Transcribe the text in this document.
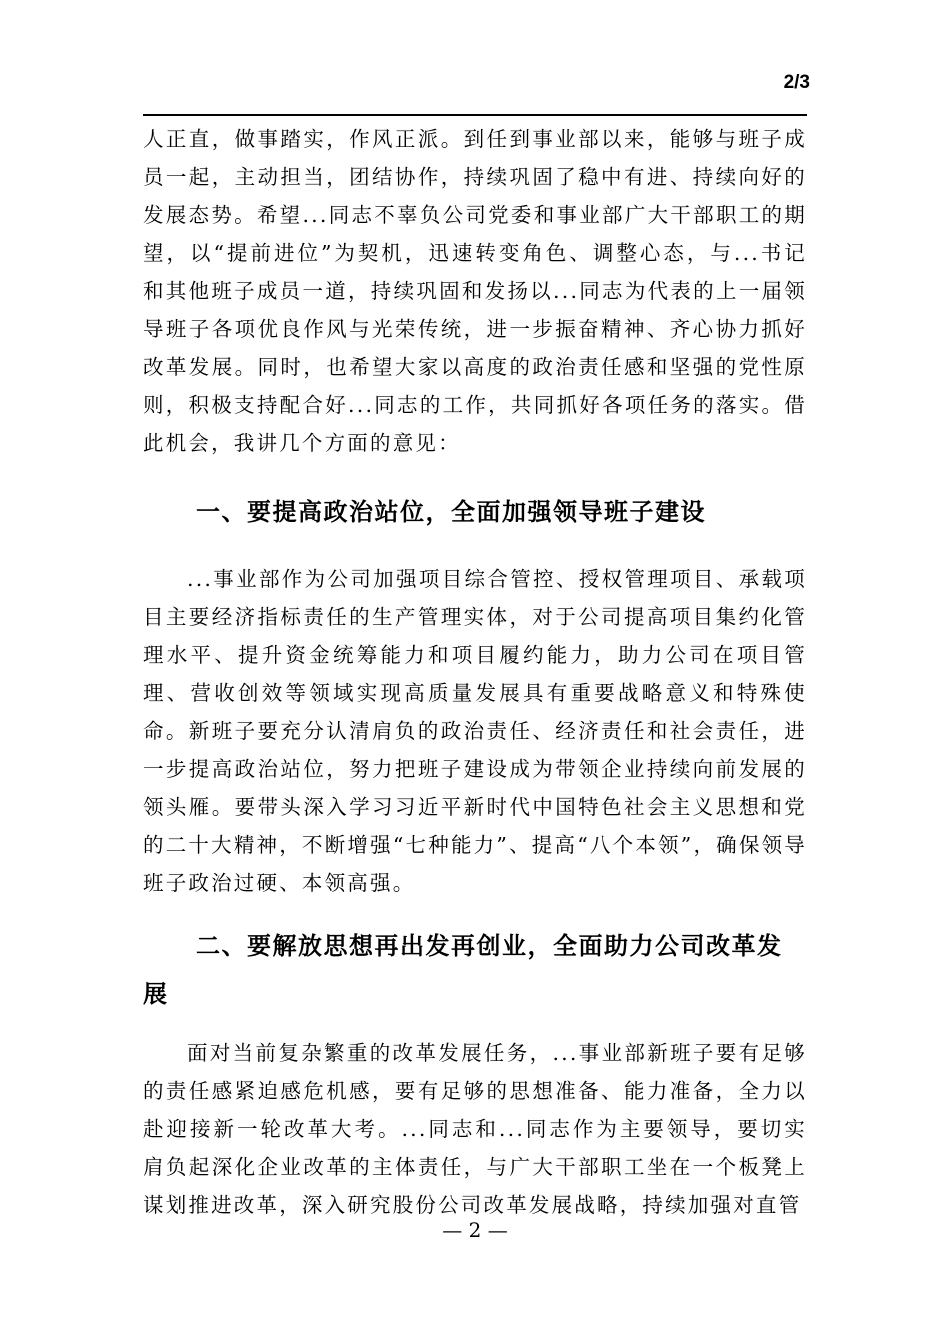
2/3

人正直，做事踏实，作风正派。到任到事业部以来，能够与班子成员一起，主动担当，团结协作，持续巩固了稳中有进、持续向好的发展态势。希望...同志不辜负公司党委和事业部广大干部职工的期望，以“提前进位”为契机，迅速转变角色、调整心态，与...书记和其他班子成员一道，持续巩固和发扬以...同志为代表的上一届领导班子各项优良作风与光荣传统，进一步振奋精神、齐心协力抓好改革发展。同时，也希望大家以高度的政治责任感和坚强的党性原则，积极支持配合好...同志的工作，共同抓好各项任务的落实。借此机会，我讲几个方面的意见：

一、要提高政治站位，全面加强领导班子建设

...事业部作为公司加强项目综合管控、授权管理项目、承载项目主要经济指标责任的生产管理实体，对于公司提高项目集约化管理水平、提升资金统筹能力和项目履约能力，助力公司在项目管理、营收创效等领域实现高质量发展具有重要战略意义和特殊使命。新班子要充分认清肩负的政治责任、经济责任和社会责任，进一步提高政治站位，努力把班子建设成为带领企业持续向前发展的领头雁。要带头深入学习习近平新时代中国特色社会主义思想和党的二十大精神，不断增强“七种能力”、提高“八个本领”，确保领导班子政治过硬、本领高强。

二、要解放思想再出发再创业，全面助力公司改革发展

面对当前复杂繁重的改革发展任务，...事业部新班子要有足够的责任感紧迫感危机感，要有足够的思想准备、能力准备，全力以赴迎接新一轮改革大考。...同志和...同志作为主要领导，要切实肩负起深化企业改革的主体责任，与广大干部职工坐在一个板凳上谋划推进改革，深入研究股份公司改革发展战略，持续加强对直管

— 2 —
